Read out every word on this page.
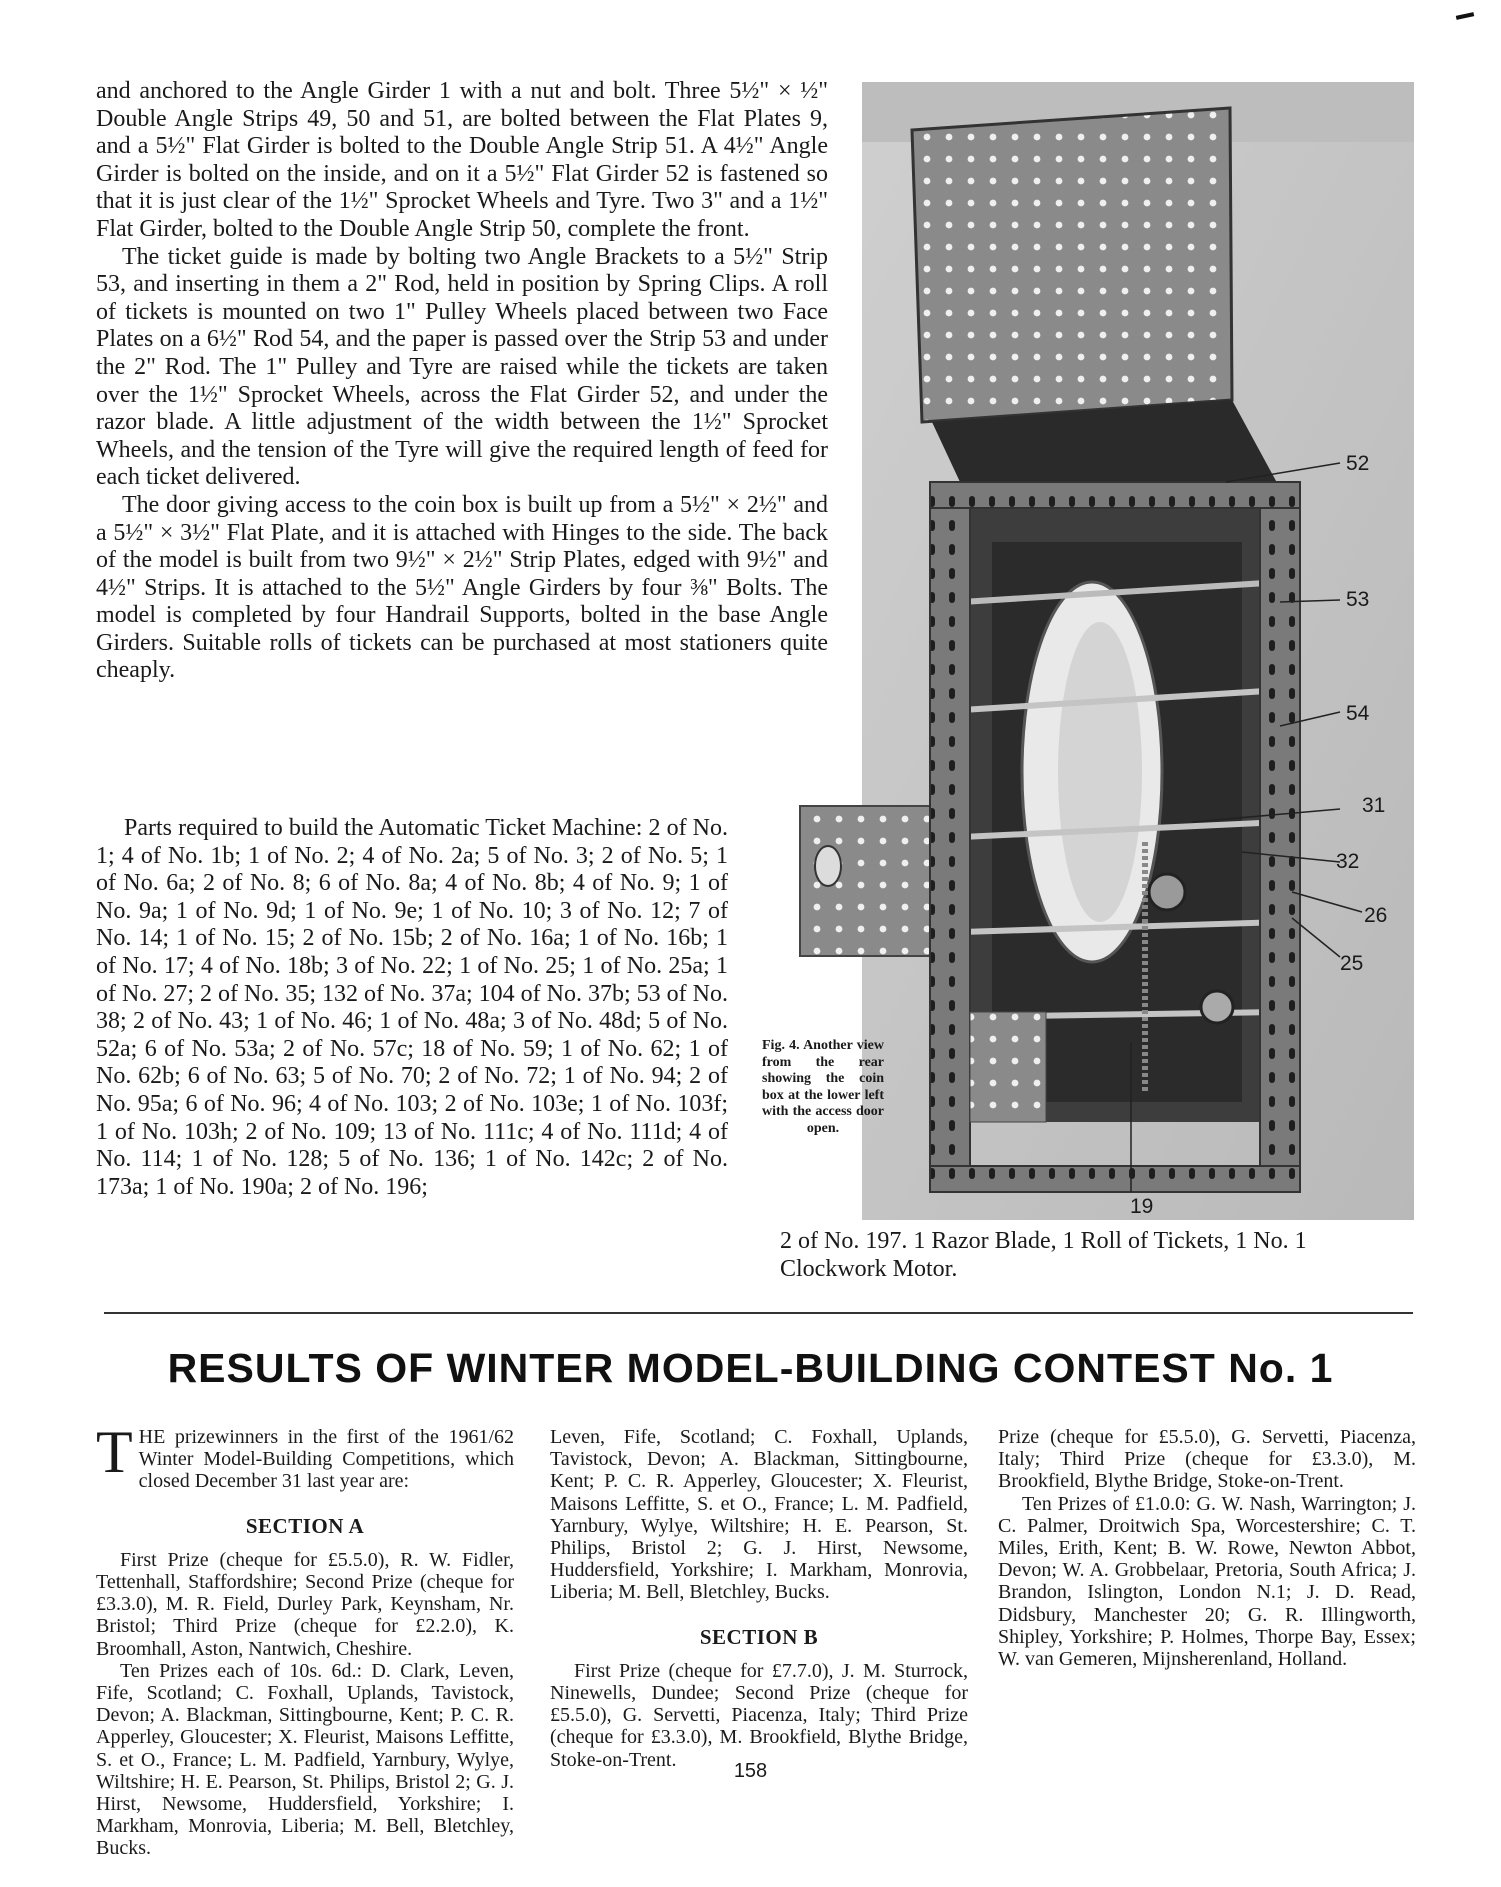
and anchored to the Angle Girder 1 with a nut and bolt. Three 5½" × ½" Double Angle Strips 49, 50 and 51, are bolted between the Flat Plates 9, and a 5½" Flat Girder is bolted to the Double Angle Strip 51. A 4½" Angle Girder is bolted on the inside, and on it a 5½" Flat Girder 52 is fastened so that it is just clear of the 1½" Sprocket Wheels and Tyre. Two 3" and a 1½" Flat Girder, bolted to the Double Angle Strip 50, complete the front.

The ticket guide is made by bolting two Angle Brackets to a 5½" Strip 53, and inserting in them a 2" Rod, held in position by Spring Clips. A roll of tickets is mounted on two 1" Pulley Wheels placed between two Face Plates on a 6½" Rod 54, and the paper is passed over the Strip 53 and under the 2" Rod. The 1" Pulley and Tyre are raised while the tickets are taken over the 1½" Sprocket Wheels, across the Flat Girder 52, and under the razor blade. A little adjustment of the width between the 1½" Sprocket Wheels, and the tension of the Tyre will give the required length of feed for each ticket delivered.

The door giving access to the coin box is built up from a 5½" × 2½" and a 5½" × 3½" Flat Plate, and it is attached with Hinges to the side. The back of the model is built from two 9½" × 2½" Strip Plates, edged with 9½" and 4½" Strips. It is attached to the 5½" Angle Girders by four ⅜" Bolts. The model is completed by four Handrail Supports, bolted in the base Angle Girders. Suitable rolls of tickets can be purchased at most stationers quite cheaply.

Parts required to build the Automatic Ticket Machine: 2 of No. 1; 4 of No. 1b; 1 of No. 2; 4 of No. 2a; 5 of No. 3; 2 of No. 5; 1 of No. 6a; 2 of No. 8; 6 of No. 8a; 4 of No. 8b; 4 of No. 9; 1 of No. 9a; 1 of No. 9d; 1 of No. 9e; 1 of No. 10; 3 of No. 12; 7 of No. 14; 1 of No. 15; 2 of No. 15b; 2 of No. 16a; 1 of No. 16b; 1 of No. 17; 4 of No. 18b; 3 of No. 22; 1 of No. 25; 1 of No. 25a; 1 of No. 27; 2 of No. 35; 132 of No. 37a; 104 of No. 37b; 53 of No. 38; 2 of No. 43; 1 of No. 46; 1 of No. 48a; 3 of No. 48d; 5 of No. 52a; 6 of No. 53a; 2 of No. 57c; 18 of No. 59; 1 of No. 62; 1 of No. 62b; 6 of No. 63; 5 of No. 70; 2 of No. 72; 1 of No. 94; 2 of No. 95a; 6 of No. 96; 4 of No. 103; 2 of No. 103e; 1 of No. 103f; 1 of No. 103h; 2 of No. 109; 13 of No. 111c; 4 of No. 111d; 4 of No. 114; 1 of No. 128; 5 of No. 136; 1 of No. 142c; 2 of No. 173a; 1 of No. 190a; 2 of No. 196;

52
53
54
31
32
26
25
19
Fig. 4. Another view from the rear showing the coin box at the lower left with the access door open.

2 of No. 197. 1 Razor Blade, 1 Roll of Tickets, 1 No. 1 Clockwork Motor.

RESULTS OF WINTER MODEL-BUILDING CONTEST No. 1

THE prizewinners in the first of the 1961/62 Winter Model-Building Competitions, which closed December 31 last year are:

SECTION A

First Prize (cheque for £5.5.0), R. W. Fidler, Tettenhall, Staffordshire; Second Prize (cheque for £3.3.0), M. R. Field, Durley Park, Keynsham, Nr. Bristol; Third Prize (cheque for £2.2.0), K. Broomhall, Aston, Nantwich, Cheshire.

Ten Prizes each of 10s. 6d.: D. Clark, Leven, Fife, Scotland; C. Foxhall, Uplands, Tavistock, Devon; A. Blackman, Sittingbourne, Kent; P. C. R. Apperley, Gloucester; X. Fleurist, Maisons Leffitte, S. et O., France; L. M. Padfield, Yarnbury, Wylye, Wiltshire; H. E. Pearson, St. Philips, Bristol 2; G. J. Hirst, Newsome, Huddersfield, Yorkshire; I. Markham, Monrovia, Liberia; M. Bell, Bletchley, Bucks.

Leven, Fife, Scotland; C. Foxhall, Uplands, Tavistock, Devon; A. Blackman, Sittingbourne, Kent; P. C. R. Apperley, Gloucester; X. Fleurist, Maisons Leffitte, S. et O., France; L. M. Padfield, Yarnbury, Wylye, Wiltshire; H. E. Pearson, St. Philips, Bristol 2; G. J. Hirst, Newsome, Huddersfield, Yorkshire; I. Markham, Monrovia, Liberia; M. Bell, Bletchley, Bucks.

SECTION B

First Prize (cheque for £7.7.0), J. M. Sturrock, Ninewells, Dundee; Second Prize (cheque for £5.5.0), G. Servetti, Piacenza, Italy; Third Prize (cheque for £3.3.0), M. Brookfield, Blythe Bridge, Stoke-on-Trent.

Prize (cheque for £5.5.0), G. Servetti, Piacenza, Italy; Third Prize (cheque for £3.3.0), M. Brookfield, Blythe Bridge, Stoke-on-Trent.

Ten Prizes of £1.0.0: G. W. Nash, Warrington; J. C. Palmer, Droitwich Spa, Worcestershire; C. T. Miles, Erith, Kent; B. W. Rowe, Newton Abbot, Devon; W. A. Grobbelaar, Pretoria, South Africa; J. Brandon, Islington, London N.1; J. D. Read, Didsbury, Manchester 20; G. R. Illingworth, Shipley, Yorkshire; P. Holmes, Thorpe Bay, Essex; W. van Gemeren, Mijnsherenland, Holland.

158
